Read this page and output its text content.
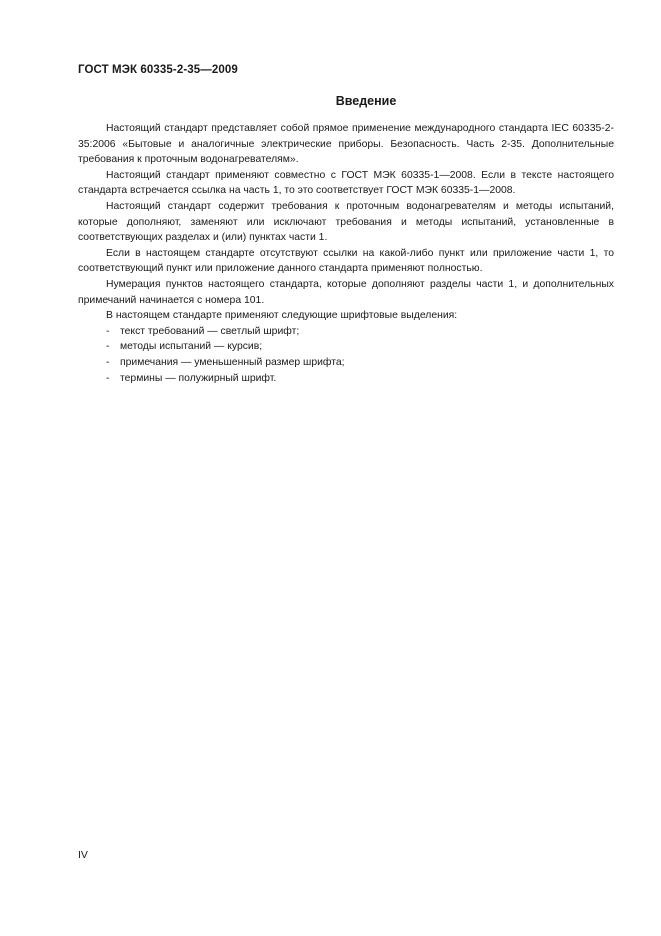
ГОСТ МЭК 60335-2-35—2009
Введение

Настоящий стандарт представляет собой прямое применение международного стандарта IEC 60335-2-35:2006 «Бытовые и аналогичные электрические приборы. Безопасность. Часть 2-35. Дополнительные требования к проточным водонагревателям».

Настоящий стандарт применяют совместно с ГОСТ МЭК 60335-1—2008. Если в тексте настоящего стандарта встречается ссылка на часть 1, то это соответствует ГОСТ МЭК 60335-1—2008.

Настоящий стандарт содержит требования к проточным водонагревателям и методы испытаний, которые дополняют, заменяют или исключают требования и методы испытаний, установленные в соответствующих разделах и (или) пунктах части 1.

Если в настоящем стандарте отсутствуют ссылки на какой-либо пункт или приложение части 1, то соответствующий пункт или приложение данного стандарта применяют полностью.

Нумерация пунктов настоящего стандарта, которые дополняют разделы части 1, и дополнительных примечаний начинается с номера 101.

В настоящем стандарте применяют следующие шрифтовые выделения:

- текст требований — светлый шрифт;
- методы испытаний — курсив;
- примечания — уменьшенный размер шрифта;
- термины — полужирный шрифт.
IV
